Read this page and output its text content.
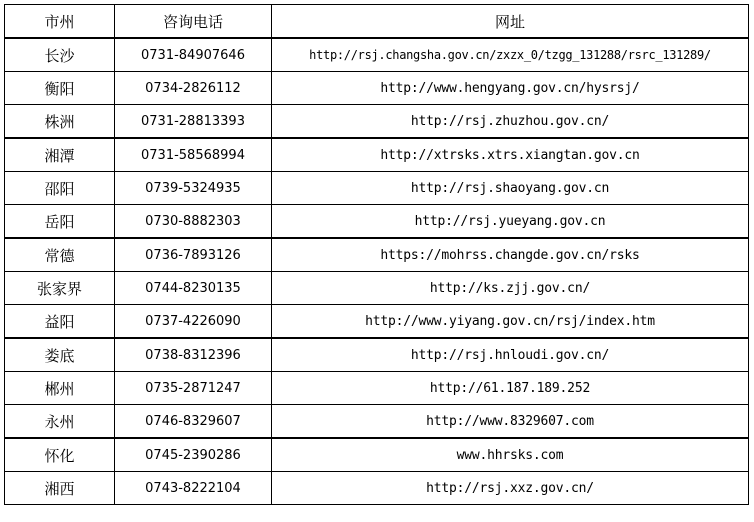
市州	咨询电话	网址
长沙	0731-84907646	http://rsj.changsha.gov.cn/zxzx_0/tzgg_131288/rsrc_131289/
衡阳	0734-2826112	http://www.hengyang.gov.cn/hysrsj/
株洲	0731-28813393	http://rsj.zhuzhou.gov.cn/
湘潭	0731-58568994	http://xtrsks.xtrs.xiangtan.gov.cn
邵阳	0739-5324935	http://rsj.shaoyang.gov.cn
岳阳	0730-8882303	http://rsj.yueyang.gov.cn
常德	0736-7893126	https://mohrss.changde.gov.cn/rsks
张家界	0744-8230135	http://ks.zjj.gov.cn/
益阳	0737-4226090	http://www.yiyang.gov.cn/rsj/index.htm
娄底	0738-8312396	http://rsj.hnloudi.gov.cn/
郴州	0735-2871247	http://61.187.189.252
永州	0746-8329607	http://www.8329607.com
怀化	0745-2390286	www.hhrsks.com
湘西	0743-8222104	http://rsj.xxz.gov.cn/
